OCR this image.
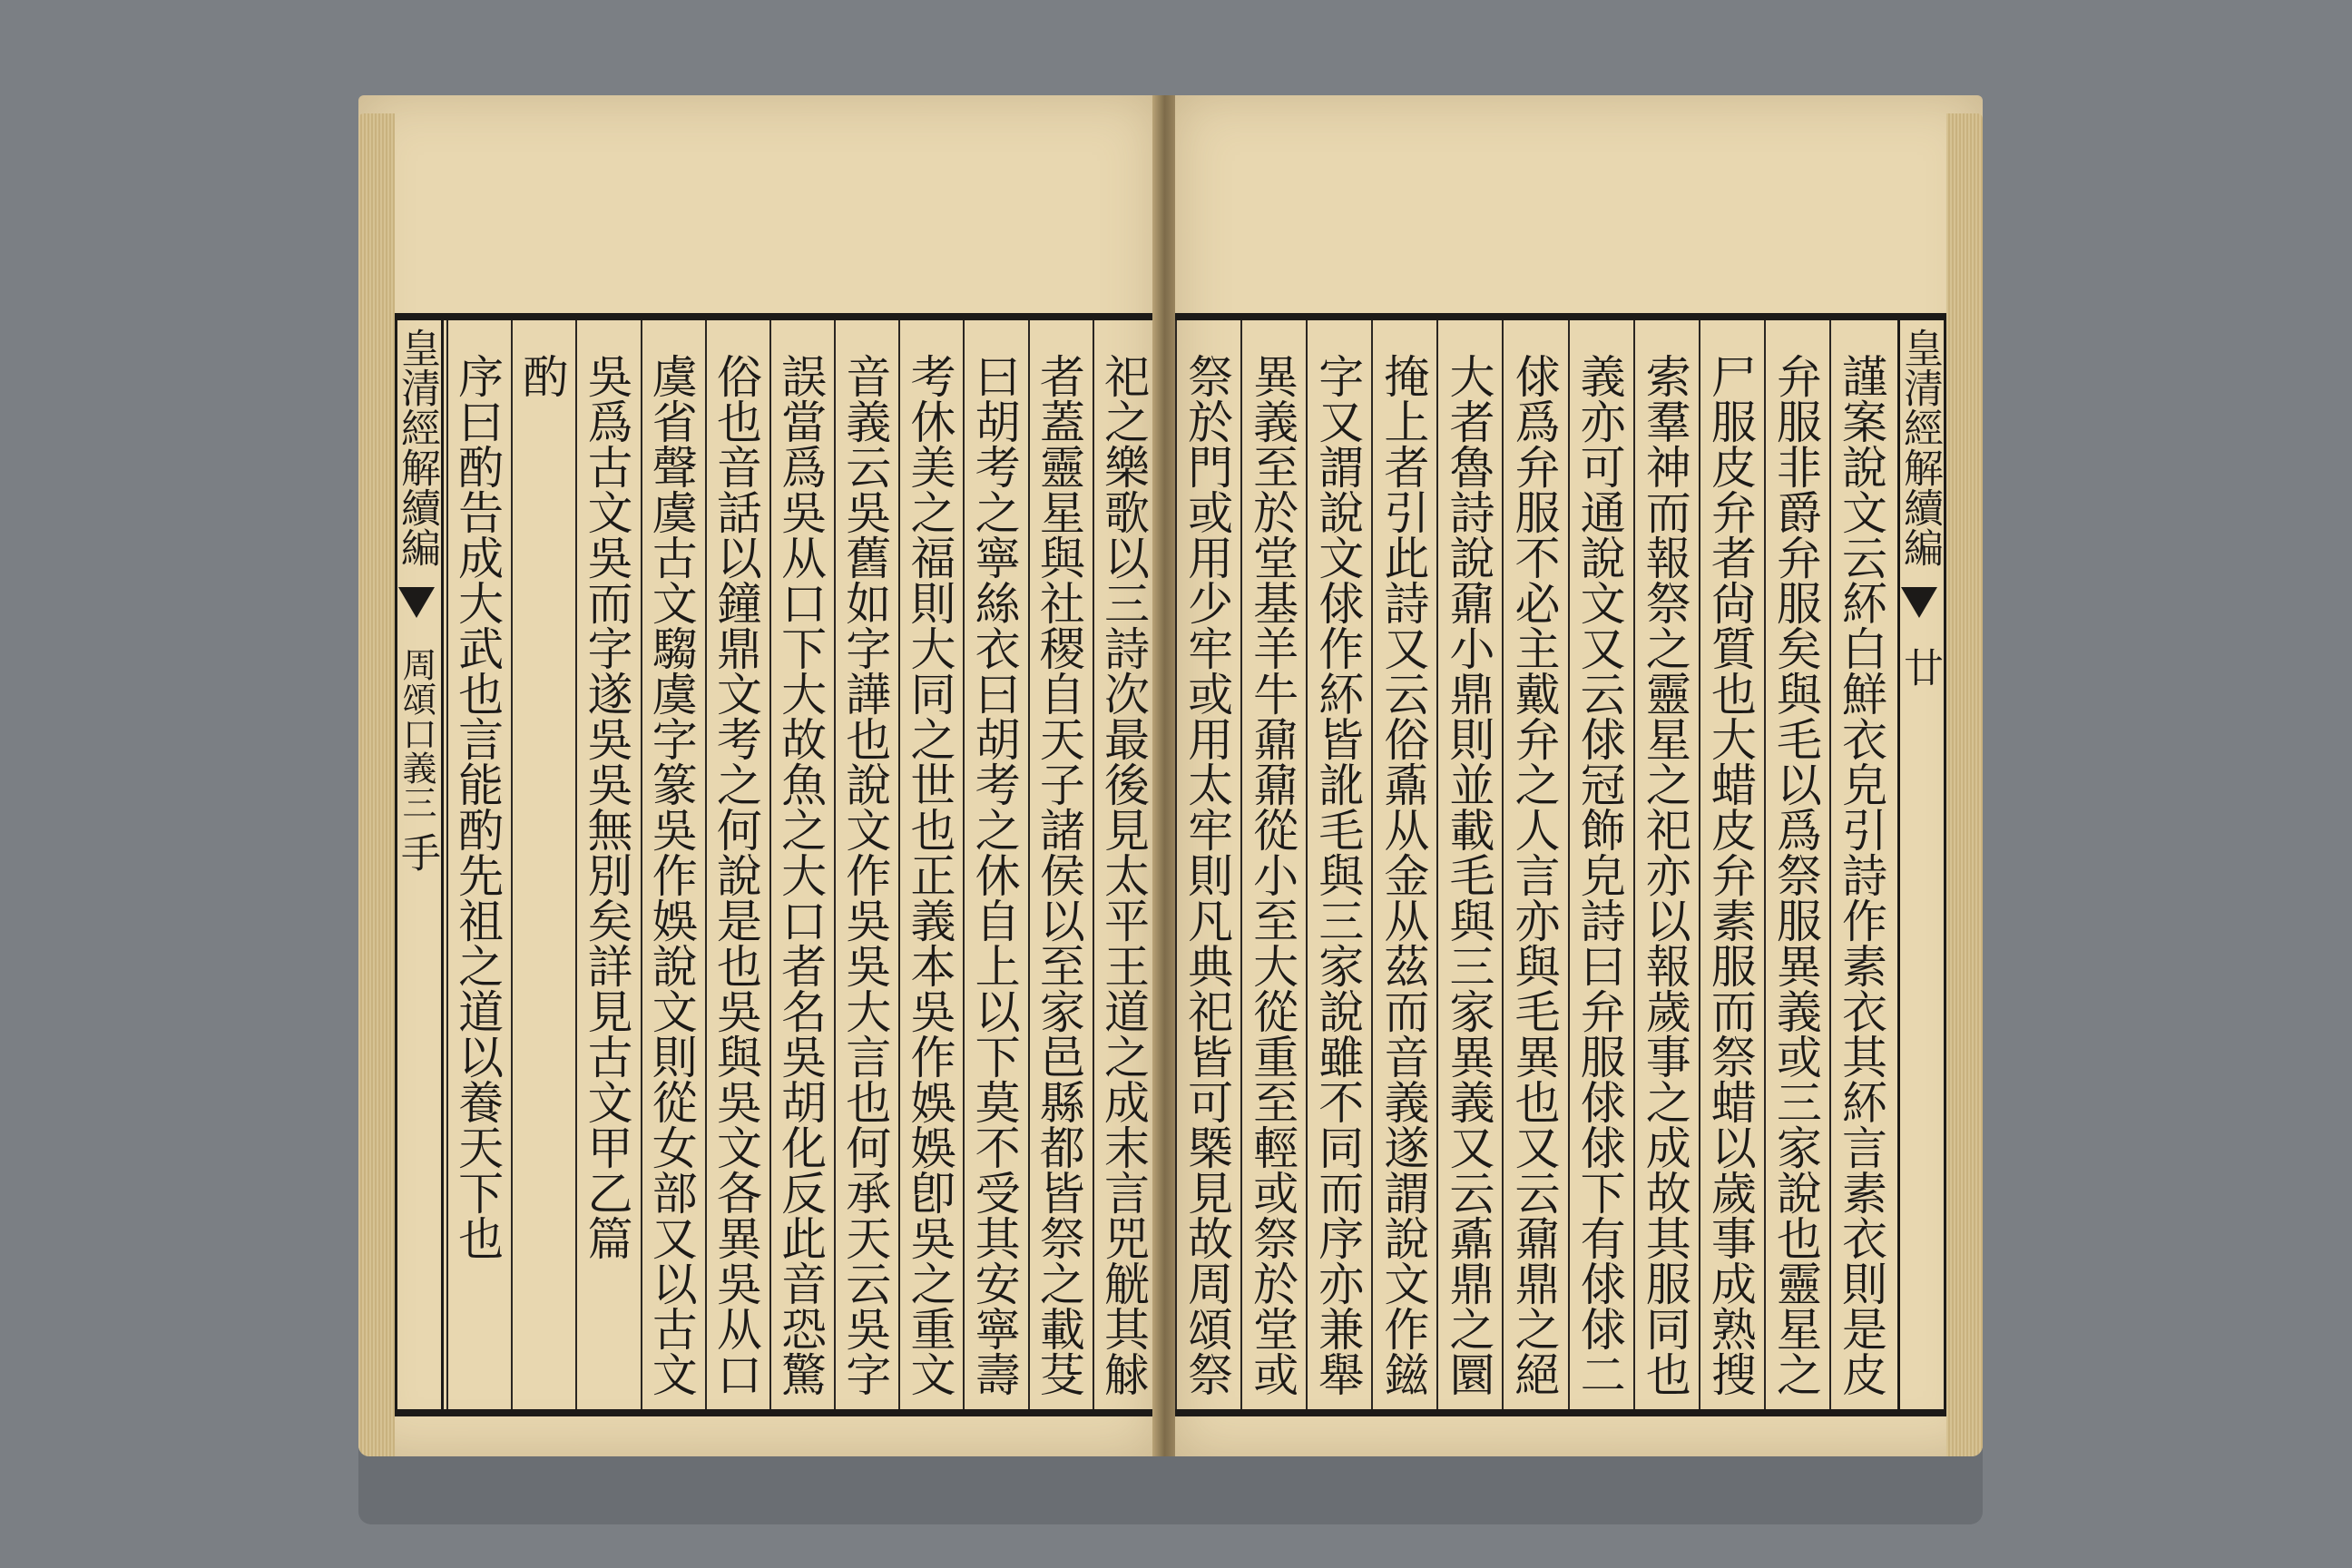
皇清經解續編  周頌口義三 手	祀之樂歌以三詩次最後見太平王道之成末言兕觥其觩
者蓋靈星與社稷自天子諸侯以至家邑縣都皆祭之載芟
曰胡考之寧絲衣曰胡考之休自上以下莫不受其安寧壽
考休美之福則大同之世也正義本吳作娛娛卽吳之重文
音義云吳舊如字譁也說文作吳吳大言也何承天云吳字
誤當爲吳从口下大故魚之大口者名吳胡化反此音恐驚
俗也音話以鐘鼎文考之何說是也吳與吳文各異吳从口
虞省聲虞古文騶虞字篆吳作娛說文則從女部又以古文
吳爲古文吳而字遂吳吳無別矣詳見古文甲乙篇
酌
序曰酌告成大武也言能酌先祖之道以養天下也	皇清經解續編  廿
謹案說文云紑白鮮衣皃引詩作素衣其紑言素衣則是皮
弁服非爵弁服矣與毛以爲祭服異義或三家說也靈星之
尸服皮弁者尙質也大蜡皮弁素服而祭蜡以歲事成熟搜
索羣神而報祭之靈星之祀亦以報歲事之成故其服同也
義亦可通說文又云俅冠飾皃詩曰弁服俅俅下有俅俅二
俅爲弁服不必主戴弁之人言亦與毛異也又云鼐鼎之絕
大者魯詩說鼐小鼎則並載毛與三家異義又云鼒鼎之圜
掩上者引此詩又云俗鼒从金从茲而音義遂謂說文作鎡
字又謂說文俅作紑皆訛毛與三家說雖不同而序亦兼舉
異義至於堂基羊牛鼐鼐從小至大從重至輕或祭於堂或
祭於門或用少牢或用太牢則凡典祀皆可槩見故周頌祭
